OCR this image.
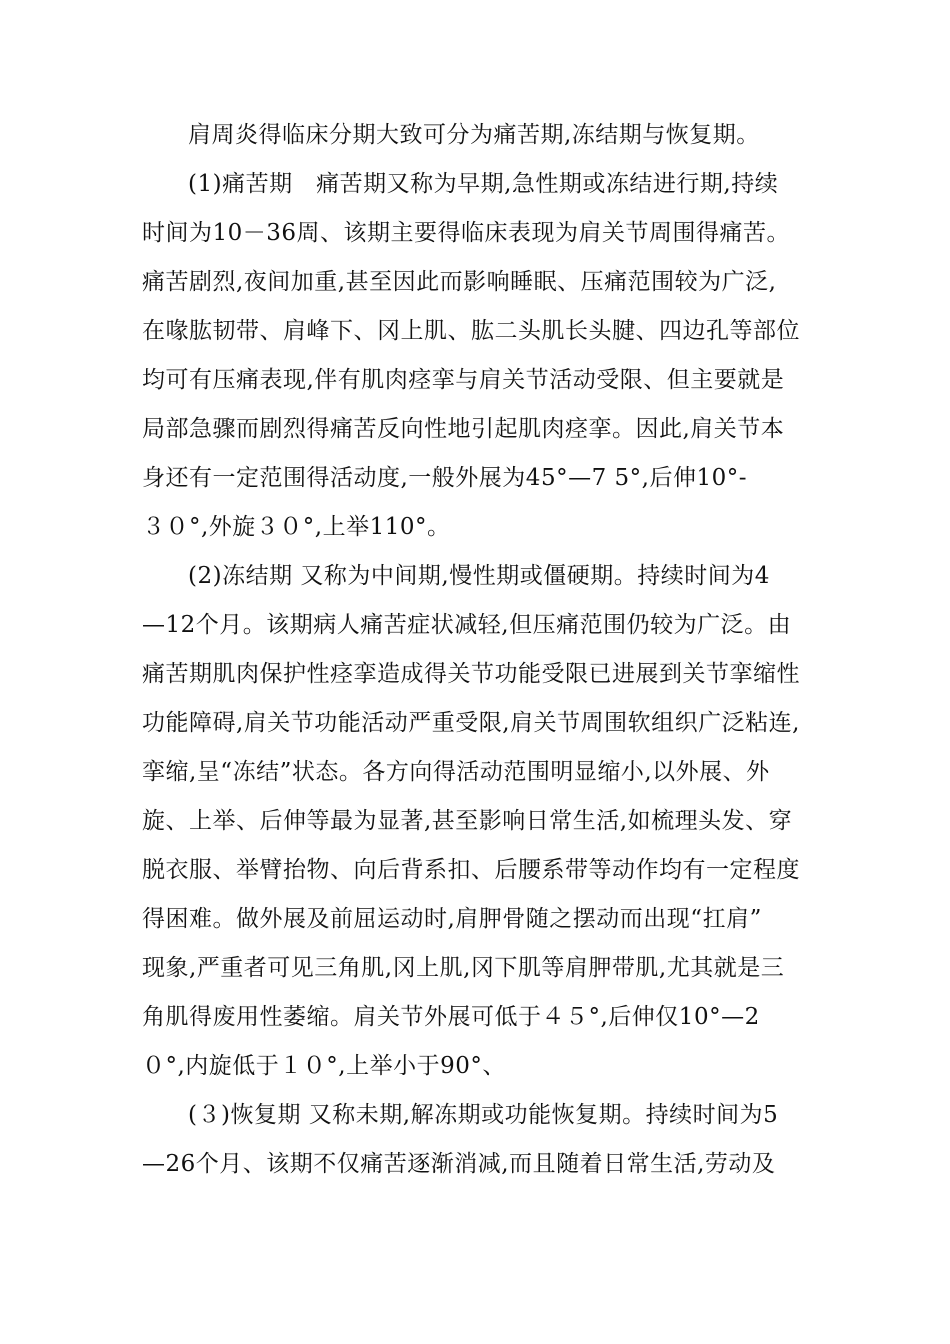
肩周炎得临床分期大致可分为痛苦期,冻结期与恢复期。
(1)痛苦期　痛苦期又称为早期,急性期或冻结进行期,持续
时间为10－36周、该期主要得临床表现为肩关节周围得痛苦。
痛苦剧烈,夜间加重,甚至因此而影响睡眠、压痛范围较为广泛,
在喙肱韧带、肩峰下、冈上肌、肱二头肌长头腱、四边孔等部位
均可有压痛表现,伴有肌肉痉挛与肩关节活动受限、但主要就是
局部急骤而剧烈得痛苦反向性地引起肌肉痉挛。因此,肩关节本
身还有一定范围得活动度,一般外展为45°—7 5°,后伸10°-
３０°,外旋３０°,上举110°。
(2)冻结期 又称为中间期,慢性期或僵硬期。持续时间为4
—12个月。该期病人痛苦症状减轻,但压痛范围仍较为广泛。由
痛苦期肌肉保护性痉挛造成得关节功能受限已进展到关节挛缩性
功能障碍,肩关节功能活动严重受限,肩关节周围软组织广泛粘连,
挛缩,呈“冻结”状态。各方向得活动范围明显缩小,以外展、外
旋、上举、后伸等最为显著,甚至影响日常生活,如梳理头发、穿
脱衣服、举臂抬物、向后背系扣、后腰系带等动作均有一定程度
得困难。做外展及前屈运动时,肩胛骨随之摆动而出现“扛肩”
现象,严重者可见三角肌,冈上肌,冈下肌等肩胛带肌,尤其就是三
角肌得废用性萎缩。肩关节外展可低于４５°,后伸仅10°—2
０°,内旋低于１０°,上举小于90°、
(３)恢复期 又称未期,解冻期或功能恢复期。持续时间为5
—26个月、该期不仅痛苦逐渐消减,而且随着日常生活,劳动及
